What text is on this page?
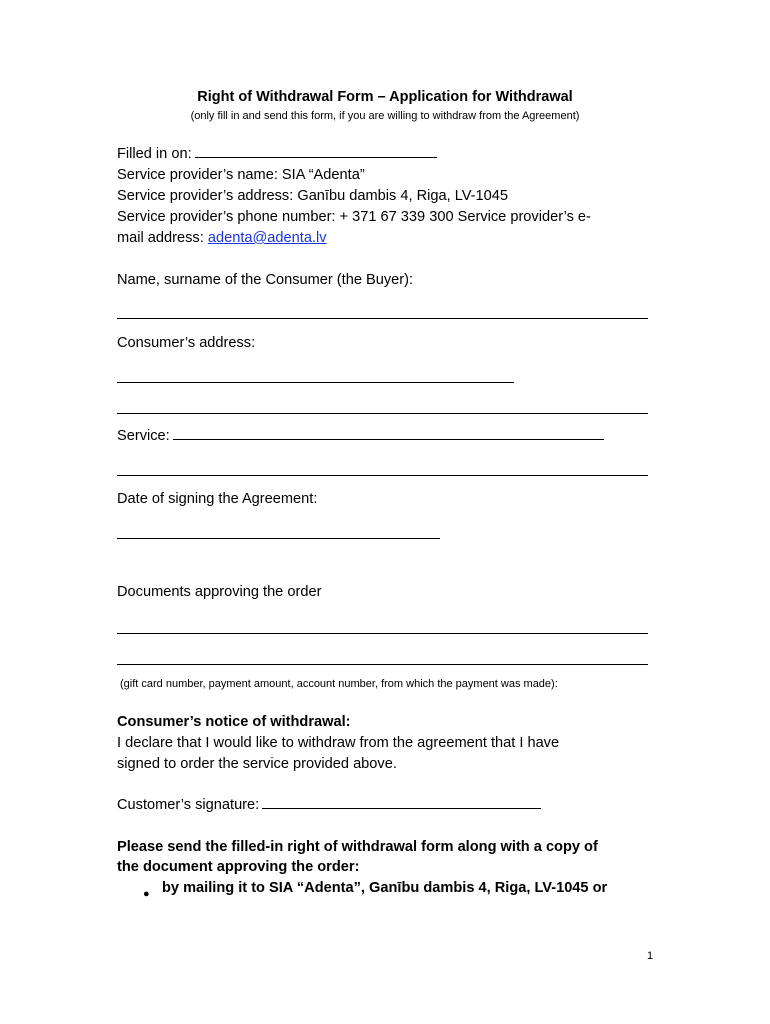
Right of Withdrawal Form – Application for Withdrawal
(only fill in and send this form, if you are willing to withdraw from the Agreement)
Filled in on:
Service provider’s name: SIA “Adenta”
Service provider’s address: Ganību dambis 4, Riga, LV-1045
Service provider’s phone number: + 371 67 339 300 Service provider’s e-
mail address: adenta@adenta.lv
Name, surname of the Consumer (the Buyer):
Consumer’s address:
Service:
Date of signing the Agreement:
Documents approving the order
(gift card number, payment amount, account number, from which the payment was made):
Consumer’s notice of withdrawal:
I declare that I would like to withdraw from the agreement that I have
signed to order the service provided above.
Customer’s signature:
Please send the filled-in right of withdrawal form along with a copy of
the document approving the order:
● by mailing it to SIA “Adenta”, Ganību dambis 4, Riga, LV-1045 or
1
